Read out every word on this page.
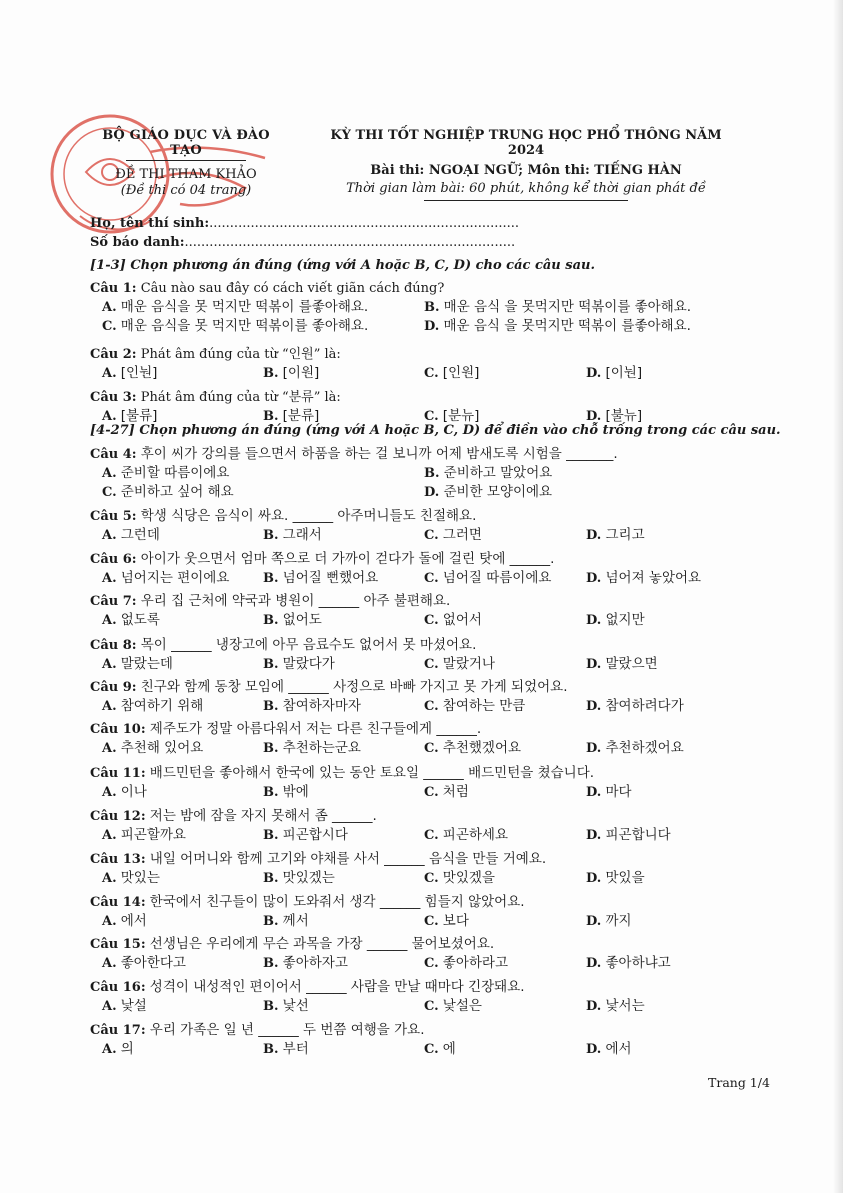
BỘ GIÁO DỤC VÀ ĐÀO TẠO
ĐỀ THI THAM KHẢO
(Đề thi có 04 trang)
KỲ THI TỐT NGHIỆP TRUNG HỌC PHỔ THÔNG NĂM 2024
Bài thi: NGOẠI NGỮ; Môn thi: TIẾNG HÀN
Thời gian làm bài: 60 phút, không kể thời gian phát đề
Họ, tên thí sinh:...........................................................................
Số báo danh:................................................................................
[1-3] Chọn phương án đúng (ứng với A hoặc B, C, D) cho các câu sau.
[4-27] Chọn phương án đúng (ứng với A hoặc B, C, D) để điền vào chỗ trống trong các câu sau.
Câu 1: Câu nào sau đây có cách viết giãn cách đúng?
A. 매운 음식을 못 먹지만 떡볶이 를좋아해요.	B. 매운 음식 을 못먹지만 떡볶이를 좋아해요.
C. 매운 음식을 못 먹지만 떡볶이를 좋아해요.	D. 매운 음식 을 못먹지만 떡볶이 를좋아해요.
Câu 2: Phát âm đúng của từ “인원” là:
A. [인눤]	B. [이원]	C. [인원]	D. [이눤]
Câu 3: Phát âm đúng của từ “분류” là:
A. [불류]	B. [분류]	C. [분뉴]	D. [불뉴]
Câu 4: 후이 씨가 강의를 들으면서 하품을 하는 걸 보니까 어제 밤새도록 시험을 _______.
A. 준비할 따름이에요	B. 준비하고 말았어요
C. 준비하고 싶어 해요	D. 준비한 모양이에요
Câu 5: 학생 식당은 음식이 싸요. ______ 아주머니들도 친절해요.
A. 그런데	B. 그래서	C. 그러면	D. 그리고
Câu 6: 아이가 웃으면서 엄마 쪽으로 더 가까이 걷다가 돌에 걸린 탓에 ______.
A. 넘어지는 편이에요	B. 넘어질 뻔했어요	C. 넘어질 따름이에요	D. 넘어져 놓았어요
Câu 7: 우리 집 근처에 약국과 병원이 ______ 아주 불편해요.
A. 없도록	B. 없어도	C. 없어서	D. 없지만
Câu 8: 목이 ______ 냉장고에 아무 음료수도 없어서 못 마셨어요.
A. 말랐는데	B. 말랐다가	C. 말랐거나	D. 말랐으면
Câu 9: 친구와 함께 동창 모임에 ______ 사정으로 바빠 가지고 못 가게 되었어요.
A. 참여하기 위해	B. 참여하자마자	C. 참여하는 만큼	D. 참여하려다가
Câu 10: 제주도가 정말 아름다워서 저는 다른 친구들에게 ______.
A. 추천해 있어요	B. 추천하는군요	C. 추천했겠어요	D. 추천하겠어요
Câu 11: 배드민턴을 좋아해서 한국에 있는 동안 토요일 ______ 배드민턴을 쳤습니다.
A. 이나	B. 밖에	C. 처럼	D. 마다
Câu 12: 저는 밤에 잠을 자지 못해서 좀 ______.
A. 피곤할까요	B. 피곤합시다	C. 피곤하세요	D. 피곤합니다
Câu 13: 내일 어머니와 함께 고기와 야채를 사서 ______ 음식을 만들 거예요.
A. 맛있는	B. 맛있겠는	C. 맛있겠을	D. 맛있을
Câu 14: 한국에서 친구들이 많이 도와줘서 생각 ______ 힘들지 않았어요.
A. 에서	B. 께서	C. 보다	D. 까지
Câu 15: 선생님은 우리에게 무슨 과목을 가장 ______ 물어보셨어요.
A. 좋아한다고	B. 좋아하자고	C. 좋아하라고	D. 좋아하냐고
Câu 16: 성격이 내성적인 편이어서 ______ 사람을 만날 때마다 긴장돼요.
A. 낯설	B. 낯선	C. 낯설은	D. 낯서는
Câu 17: 우리 가족은 일 년 ______ 두 번쯤 여행을 가요.
A. 의	B. 부터	C. 에	D. 에서
Trang 1/4
